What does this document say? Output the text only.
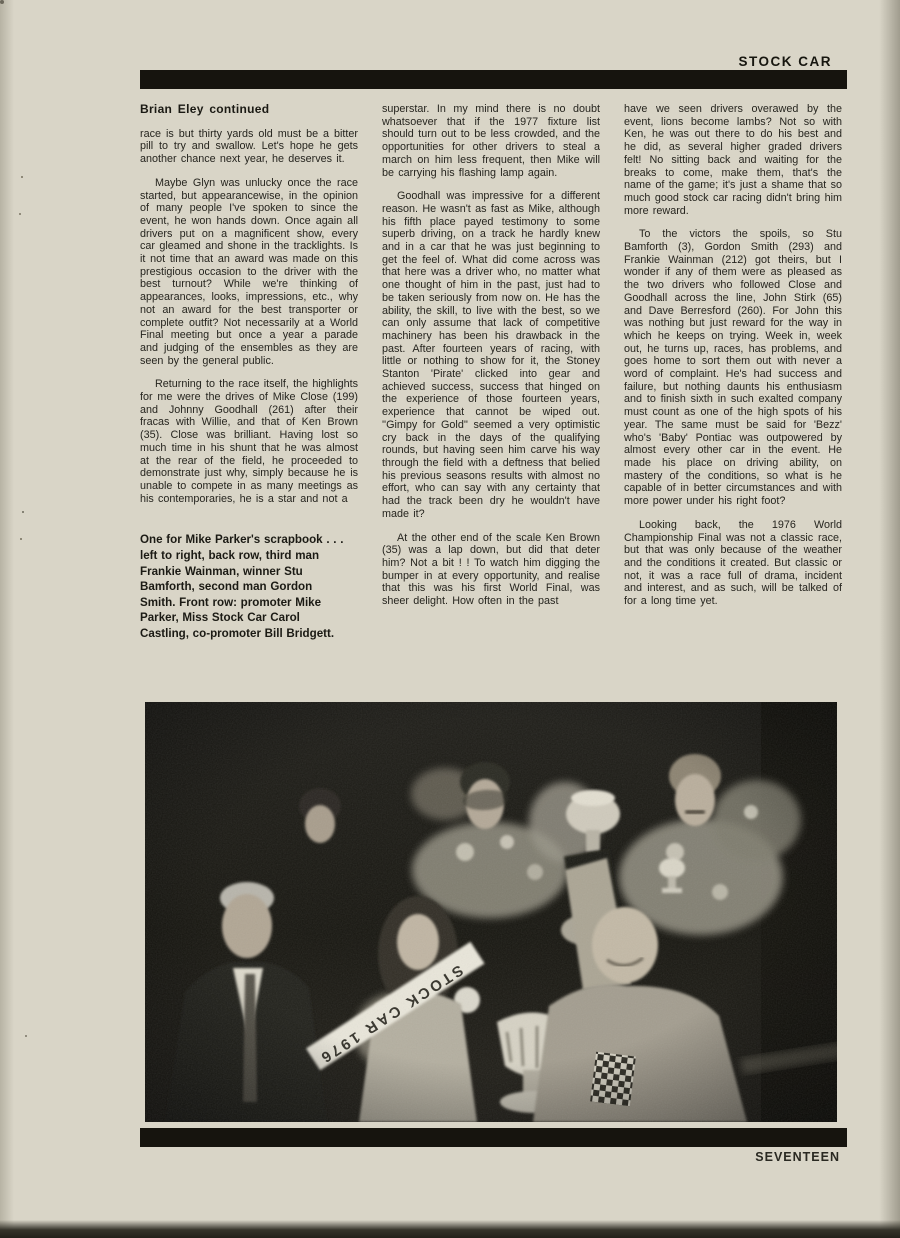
STOCK CAR
Brian Eley continued

race is but thirty yards old must be a bitter pill to try and swallow. Let's hope he gets another chance next year, he deserves it.

Maybe Glyn was unlucky once the race started, but appearancewise, in the opinion of many people I've spoken to since the event, he won hands down. Once again all drivers put on a magnificent show, every car gleamed and shone in the tracklights. Is it not time that an award was made on this prestigious occasion to the driver with the best turnout? While we're thinking of appearances, looks, impressions, etc., why not an award for the best transporter or complete outfit? Not necessarily at a World Final meeting but once a year a parade and judging of the ensembles as they are seen by the general public.

Returning to the race itself, the highlights for me were the drives of Mike Close (199) and Johnny Goodhall (261) after their fracas with Willie, and that of Ken Brown (35). Close was brilliant. Having lost so much time in his shunt that he was almost at the rear of the field, he proceeded to demonstrate just why, simply because he is unable to compete in as many meetings as his contemporaries, he is a star and not a

One for Mike Parker's scrapbook . . . left to right, back row, third man Frankie Wainman, winner Stu Bamforth, second man Gordon Smith. Front row: promoter Mike Parker, Miss Stock Car Carol Castling, co-promoter Bill Bridgett.

superstar. In my mind there is no doubt whatsoever that if the 1977 fixture list should turn out to be less crowded, and the opportunities for other drivers to steal a march on him less frequent, then Mike will be carrying his flashing lamp again.

Goodhall was impressive for a different reason. He wasn't as fast as Mike, although his fifth place payed testimony to some superb driving, on a track he hardly knew and in a car that he was just beginning to get the feel of. What did come across was that here was a driver who, no matter what one thought of him in the past, just had to be taken seriously from now on. He has the ability, the skill, to live with the best, so we can only assume that lack of competitive machinery has been his drawback in the past. After fourteen years of racing, with little or nothing to show for it, the Stoney Stanton 'Pirate' clicked into gear and achieved success, success that hinged on the experience of those fourteen years, experience that cannot be wiped out. ''Gimpy for Gold'' seemed a very optimistic cry back in the days of the qualifying rounds, but having seen him carve his way through the field with a deftness that belied his previous seasons results with almost no effort, who can say with any certainty that had the track been dry he wouldn't have made it?

At the other end of the scale Ken Brown (35) was a lap down, but did that deter him? Not a bit ! ! To watch him digging the bumper in at every opportunity, and realise that this was his first World Final, was sheer delight. How often in the past

have we seen drivers overawed by the event, lions become lambs? Not so with Ken, he was out there to do his best and he did, as several higher graded drivers felt! No sitting back and waiting for the breaks to come, make them, that's the name of the game; it's just a shame that so much good stock car racing didn't bring him more reward.

To the victors the spoils, so Stu Bamforth (3), Gordon Smith (293) and Frankie Wainman (212) got theirs, but I wonder if any of them were as pleased as the two drivers who followed Close and Goodhall across the line, John Stirk (65) and Dave Berresford (260). For John this was nothing but just reward for the way in which he keeps on trying. Week in, week out, he turns up, races, has problems, and goes home to sort them out with never a word of complaint. He's had success and failure, but nothing daunts his enthusiasm and to finish sixth in such exalted company must count as one of the high spots of his year. The same must be said for 'Bezz' who's 'Baby' Pontiac was outpowered by almost every other car in the event. He made his place on driving ability, on mastery of the conditions, so what is he capable of in better circumstances and with more power under his right foot?

Looking back, the 1976 World Championship Final was not a classic race, but that was only because of the weather and the conditions it created. But classic or not, it was a race full of drama, incident and interest, and as such, will be talked of for a long time yet.

SEVENTEEN
